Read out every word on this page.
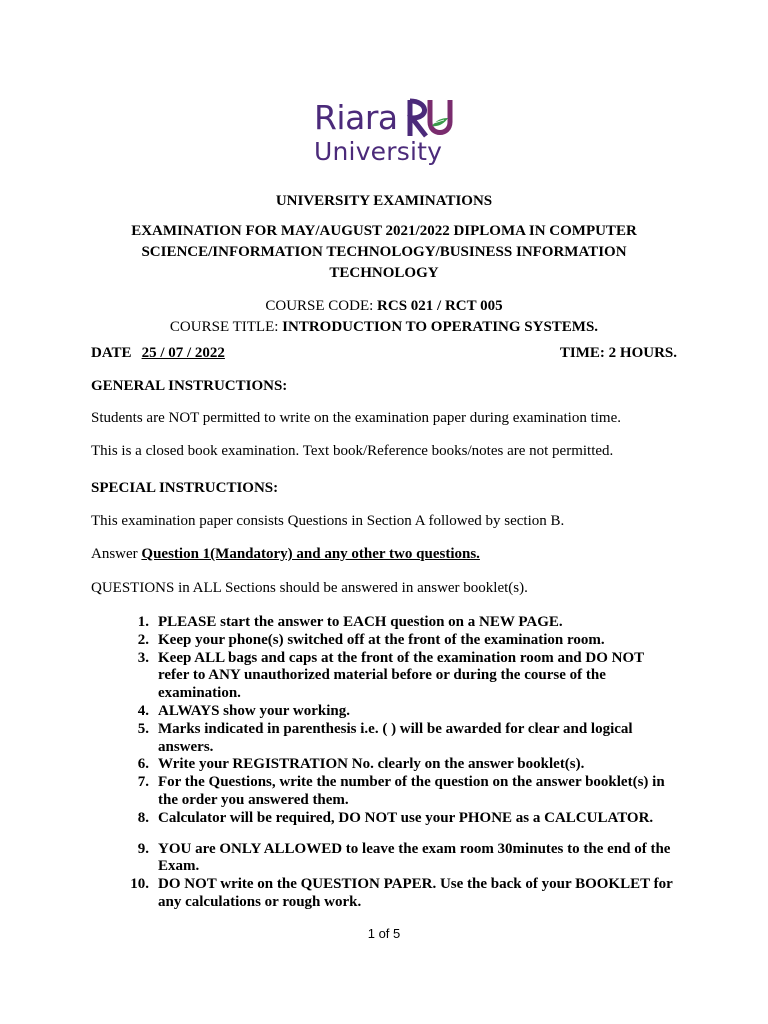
Riara
University
UNIVERSITY EXAMINATIONS
EXAMINATION FOR MAY/AUGUST 2021/2022 DIPLOMA IN COMPUTER
SCIENCE/INFORMATION TECHNOLOGY/BUSINESS INFORMATION
TECHNOLOGY
COURSE CODE: RCS 021 / RCT 005
COURSE TITLE: INTRODUCTION TO OPERATING SYSTEMS.
DATE 25 / 07 / 2022	TIME: 2 HOURS.
GENERAL INSTRUCTIONS:
Students are NOT permitted to write on the examination paper during examination time.
This is a closed book examination. Text book/Reference books/notes are not permitted.
SPECIAL INSTRUCTIONS:
This examination paper consists Questions in Section A followed by section B.
Answer Question 1(Mandatory) and any other two questions.
QUESTIONS in ALL Sections should be answered in answer booklet(s).
1. PLEASE start the answer to EACH question on a NEW PAGE.
2. Keep your phone(s) switched off at the front of the examination room.
3. Keep ALL bags and caps at the front of the examination room and DO NOT
refer to ANY unauthorized material before or during the course of the
examination.
4. ALWAYS show your working.
5. Marks indicated in parenthesis i.e. ( ) will be awarded for clear and logical
answers.
6. Write your REGISTRATION No. clearly on the answer booklet(s).
7. For the Questions, write the number of the question on the answer booklet(s) in
the order you answered them.
8. Calculator will be required, DO NOT use your PHONE as a CALCULATOR.
9. YOU are ONLY ALLOWED to leave the exam room 30minutes to the end of the
Exam.
10. DO NOT write on the QUESTION PAPER. Use the back of your BOOKLET for
any calculations or rough work.
1 of 5
